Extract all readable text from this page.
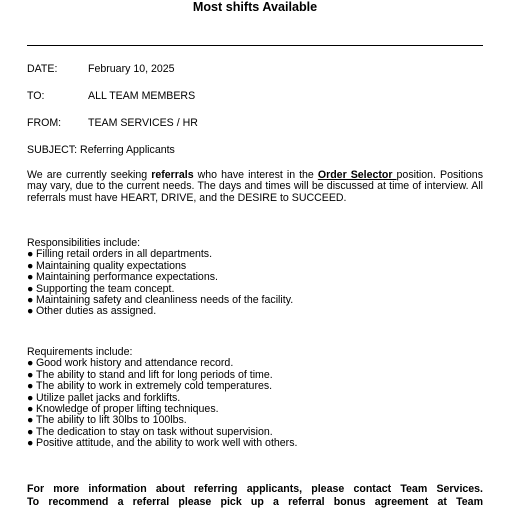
Most shifts Available
DATE:	February 10, 2025
TO:	ALL TEAM MEMBERS
FROM:	TEAM SERVICES / HR
SUBJECT: Referring Applicants
We are currently seeking referrals who have interest in the Order Selector position. Positions may vary, due to the current needs. The days and times will be discussed at time of interview. All referrals must have HEART, DRIVE, and the DESIRE to SUCCEED.
Responsibilities include:
● Filling retail orders in all departments.
● Maintaining quality expectations
● Maintaining performance expectations.
● Supporting the team concept.
● Maintaining safety and cleanliness needs of the facility.
● Other duties as assigned.
Requirements include:
● Good work history and attendance record.
● The ability to stand and lift for long periods of time.
● The ability to work in extremely cold temperatures.
● Utilize pallet jacks and forklifts.
● Knowledge of proper lifting techniques.
● The ability to lift 30lbs to 100lbs.
● The dedication to stay on task without supervision.
● Positive attitude, and the ability to work well with others.
For more information about referring applicants, please contact Team Services.
To recommend a referral please pick up a referral bonus agreement at Team
